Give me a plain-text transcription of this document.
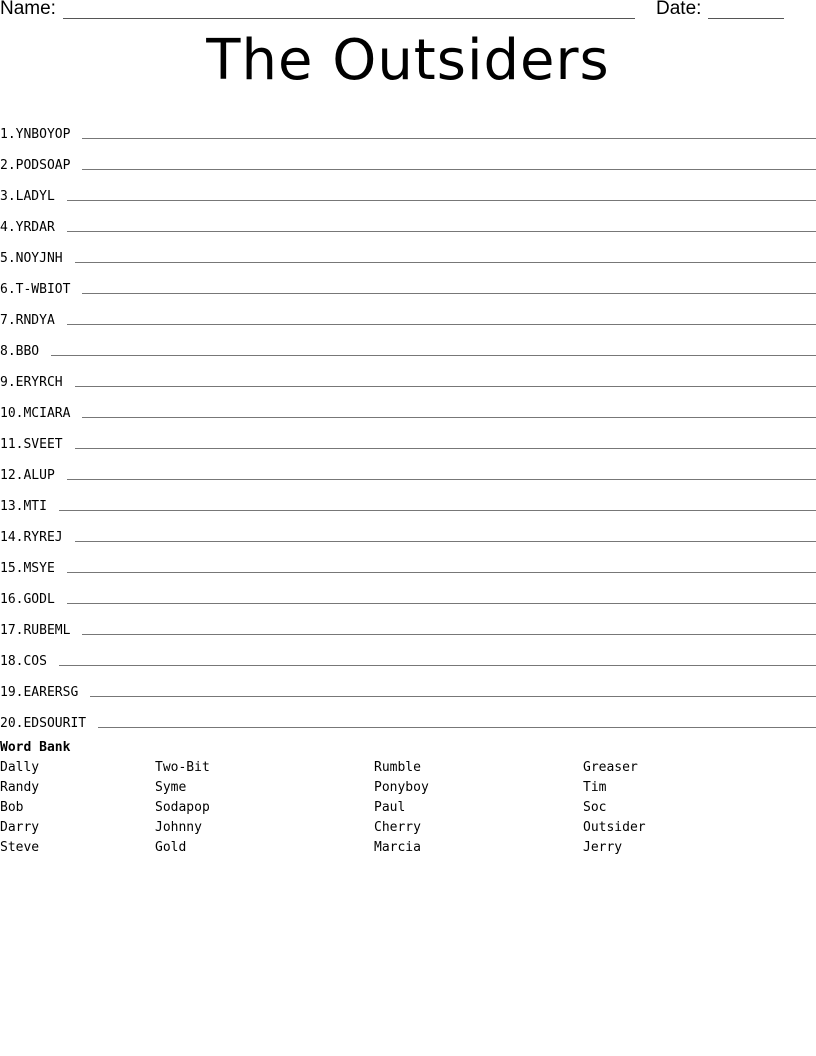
Name:	Date:
The Outsiders
1. YNBOYOP
2. PODSOAP
3. LADYL
4. YRDAR
5. NOYJNH
6. T-WBIOT
7. RNDYA
8. BBO
9. ERYRCH
10. MCIARA
11. SVEET
12. ALUP
13. MTI
14. RYREJ
15. MSYE
16. GODL
17. RUBEML
18. COS
19. EARERSG
20. EDSOURIT
Word Bank
Dally	Two-Bit	Rumble	Greaser
Randy	Syme	Ponyboy	Tim
Bob	Sodapop	Paul	Soc
Darry	Johnny	Cherry	Outsider
Steve	Gold	Marcia	Jerry
